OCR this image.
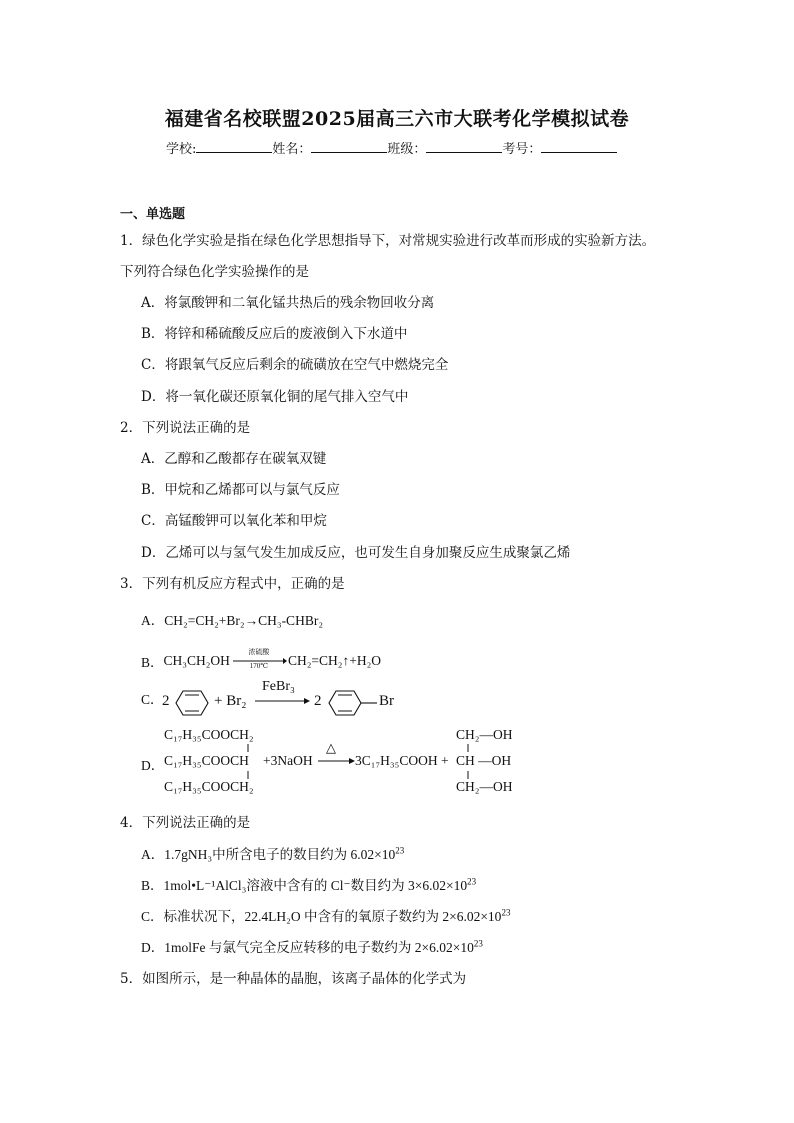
福建省名校联盟2025届高三六市大联考化学模拟试卷
学校:	姓名：	班级：	考号：
一、单选题
1．绿色化学实验是指在绿色化学思想指导下，对常规实验进行改革而形成的实验新方法。
下列符合绿色化学实验操作的是
A．将氯酸钾和二氧化锰共热后的残余物回收分离
B．将锌和稀硫酸反应后的废液倒入下水道中
C．将跟氧气反应后剩余的硫磺放在空气中燃烧完全
D．将一氧化碳还原氧化铜的尾气排入空气中
2．下列说法正确的是
A．乙醇和乙酸都存在碳氧双键
B．甲烷和乙烯都可以与氯气反应
C．高锰酸钾可以氧化苯和甲烷
D．乙烯可以与氢气发生加成反应，也可发生自身加聚反应生成聚氯乙烯
3．下列有机反应方程式中，正确的是
A．CH₂=CH₂+Br₂→CH₃-CHBr₂
B． CH₃CH₂OH
浓硫酸
170℃	CH₂=CH₂↑+H₂O
C．
2	+ Br₂
FeBr₃
2	Br
D．
C₁₇H₃₅COOCH₂
C₁₇H₃₅COOCH
C₁₇H₃₅COOCH₂
+3NaOH
△
3C₁₇H₃₅COOH +
CH₂—OH
CH —OH
CH₂—OH
4．下列说法正确的是
A．1.7gNH₃中所含电子的数目约为 $6.02\times 10^{23}$
B．1mol•L⁻¹AlCl₃溶液中含有的 Cl⁻数目约为 $3\times 6.02\times 10^{23}$
C．标准状况下，22.4LH₂O 中含有的氧原子数约为 $2\times 6.02\times 10^{23}$
D．1molFe 与氯气完全反应转移的电子数约为 $2\times 6.02\times 10^{23}$
5．如图所示，是一种晶体的晶胞，该离子晶体的化学式为
